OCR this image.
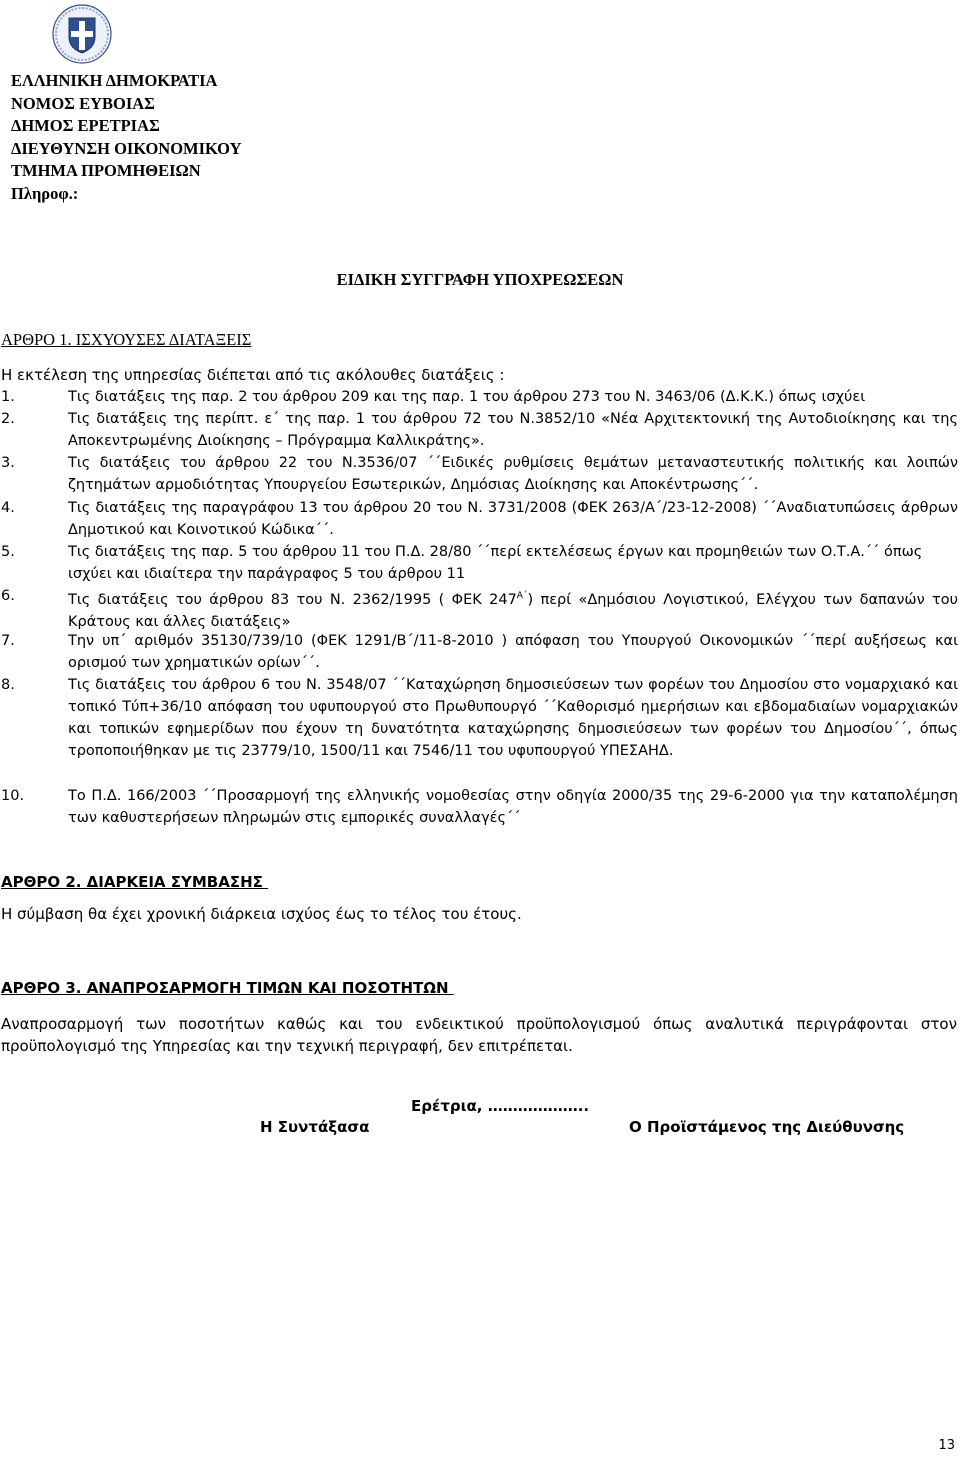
ΕΛΛΗΝΙΚΗ ΔΗΜΟΚΡΑΤΙΑ
ΝΟΜΟΣ ΕΥΒΟΙΑΣ
ΔΗΜΟΣ ΕΡΕΤΡΙΑΣ
ΔΙΕΥΘΥΝΣΗ ΟΙΚΟΝΟΜΙΚΟΥ
ΤΜΗΜΑ ΠΡΟΜΗΘΕΙΩΝ
Πληροφ.:
ΕΙΔΙΚΗ ΣΥΓΓΡΑΦΗ ΥΠΟΧΡΕΩΣΕΩΝ
ΑΡΘΡΟ 1. ΙΣΧΥΟΥΣΕΣ ΔΙΑΤΑΞΕΙΣ
Η εκτέλεση της υπηρεσίας διέπεται από τις ακόλουθες διατάξεις :
1.	Τις διατάξεις της παρ. 2 του άρθρου 209 και της παρ. 1 του άρθρου 273 του Ν. 3463/06 (Δ.Κ.Κ.) όπως ισχύει
2.	Τις διατάξεις της περίπτ. ε΄ της παρ. 1 του άρθρου 72 του Ν.3852/10 «Νέα Αρχιτεκτονική της Αυτοδιοίκησης και της Αποκεντρωμένης Διοίκησης – Πρόγραμμα Καλλικράτης».
3.	Τις διατάξεις του άρθρου 22 του Ν.3536/07 ΄΄Ειδικές ρυθμίσεις θεμάτων μεταναστευτικής πολιτικής και λοιπών ζητημάτων αρμοδιότητας Υπουργείου Εσωτερικών, Δημόσιας Διοίκησης και Αποκέντρωσης΄΄.
4.	Τις διατάξεις της παραγράφου 13 του άρθρου 20 του Ν. 3731/2008 (ΦΕΚ 263/Α΄/23-12-2008) ΄΄Αναδιατυπώσεις άρθρων Δημοτικού και Κοινοτικού Κώδικα΄΄.
5.	Τις διατάξεις της παρ. 5 του άρθρου 11 του Π.Δ. 28/80 ΄΄περί εκτελέσεως έργων και προμηθειών των Ο.Τ.Α.΄΄ όπως ισχύει και ιδιαίτερα την παράγραφος 5 του άρθρου 11
6.	Τις διατάξεις του άρθρου 83 του Ν. 2362/1995 ( ΦΕΚ $247^{A΄}$) περί «Δημόσιου Λογιστικού, Ελέγχου των δαπανών του Κράτους και άλλες διατάξεις»
7.	Την υπ΄ αριθμόν 35130/739/10 (ΦΕΚ 1291/Β΄/11-8-2010 ) απόφαση του Υπουργού Οικονομικών ΄΄περί αυξήσεως και ορισμού των χρηματικών ορίων΄΄.
8.	Τις διατάξεις του άρθρου 6 του Ν. 3548/07 ΄΄Καταχώρηση δημοσιεύσεων των φορέων του Δημοσίου στο νομαρχιακό και τοπικό Τύπ+36/10 απόφαση του υφυπουργού στο Πρωθυπουργό ΄΄Καθορισμό ημερήσιων και εβδομαδιαίων νομαρχιακών και τοπικών εφημερίδων που έχουν τη δυνατότητα καταχώρησης δημοσιεύσεων των φορέων του Δημοσίου΄΄, όπως τροποποιήθηκαν με τις 23779/10, 1500/11 και 7546/11 του υφυπουργού ΥΠΕΣΑΗΔ.
10.	Το Π.Δ. 166/2003 ΄΄Προσαρμογή της ελληνικής νομοθεσίας στην οδηγία 2000/35 της 29-6-2000 για την καταπολέμηση των καθυστερήσεων πληρωμών στις εμπορικές συναλλαγές΄΄
ΑΡΘΡΟ 2. ΔΙΑΡΚΕΙΑ ΣΥΜΒΑΣΗΣ
Η σύμβαση θα έχει χρονική διάρκεια ισχύος έως το τέλος του έτους.
ΑΡΘΡΟ 3. ΑΝΑΠΡΟΣΑΡΜΟΓΗ ΤΙΜΩΝ ΚΑΙ ΠΟΣΟΤΗΤΩΝ
Αναπροσαρμογή των ποσοτήτων καθώς και του ενδεικτικού προϋπολογισμού όπως αναλυτικά περιγράφονται στον προϋπολογισμό της Υπηρεσίας και την τεχνική περιγραφή, δεν επιτρέπεται.
Ερέτρια, ………………..
Η Συντάξασα	Ο Προϊστάμενος της Διεύθυνσης
13
